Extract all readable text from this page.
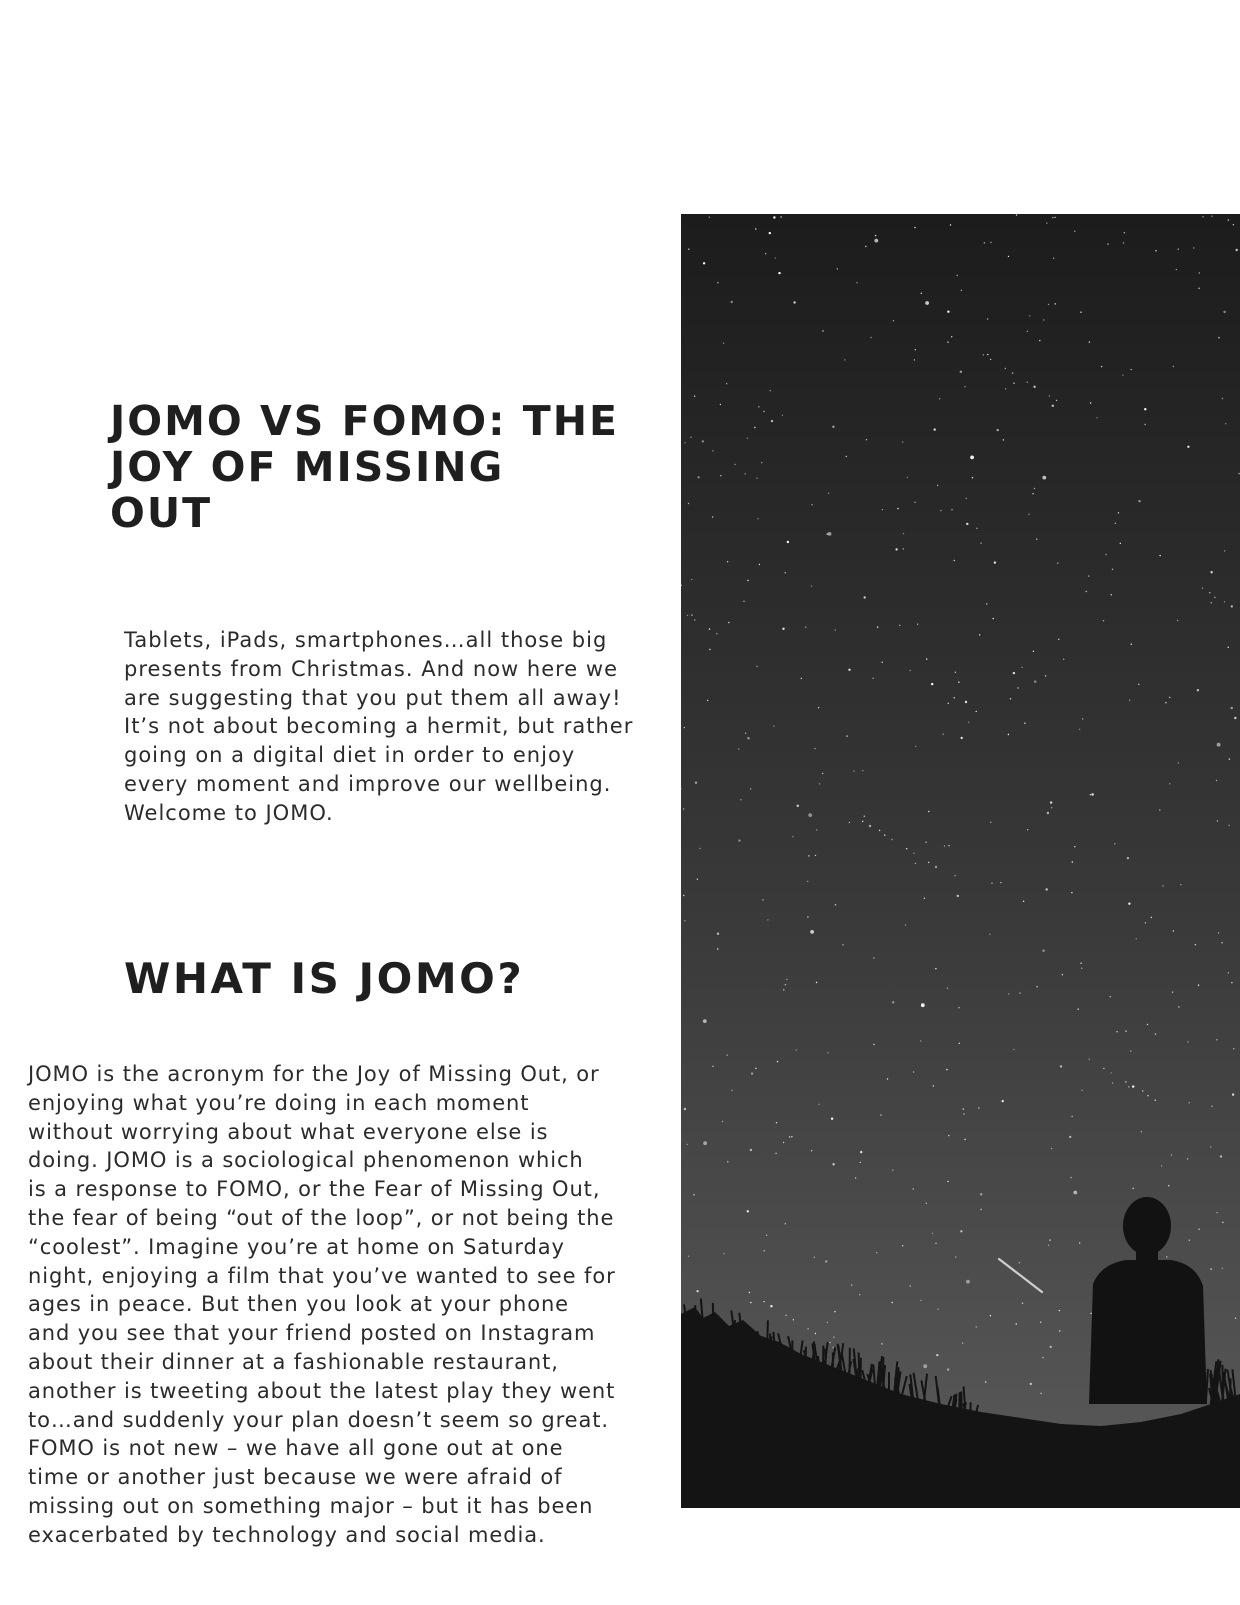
JOMO VS FOMO: THE
JOY OF MISSING
OUT

Tablets, iPads, smartphones…all those big
presents from Christmas. And now here we
are suggesting that you put them all away!
It’s not about becoming a hermit, but rather
going on a digital diet in order to enjoy
every moment and improve our wellbeing.
Welcome to JOMO.

WHAT IS JOMO?

JOMO is the acronym for the Joy of Missing Out, or
enjoying what you’re doing in each moment
without worrying about what everyone else is
doing. JOMO is a sociological phenomenon which
is a response to FOMO, or the Fear of Missing Out,
the fear of being “out of the loop”, or not being the
“coolest”. Imagine you’re at home on Saturday
night, enjoying a film that you’ve wanted to see for
ages in peace. But then you look at your phone
and you see that your friend posted on Instagram
about their dinner at a fashionable restaurant,
another is tweeting about the latest play they went
to…and suddenly your plan doesn’t seem so great.
FOMO is not new – we have all gone out at one
time or another just because we were afraid of
missing out on something major – but it has been
exacerbated by technology and social media.
